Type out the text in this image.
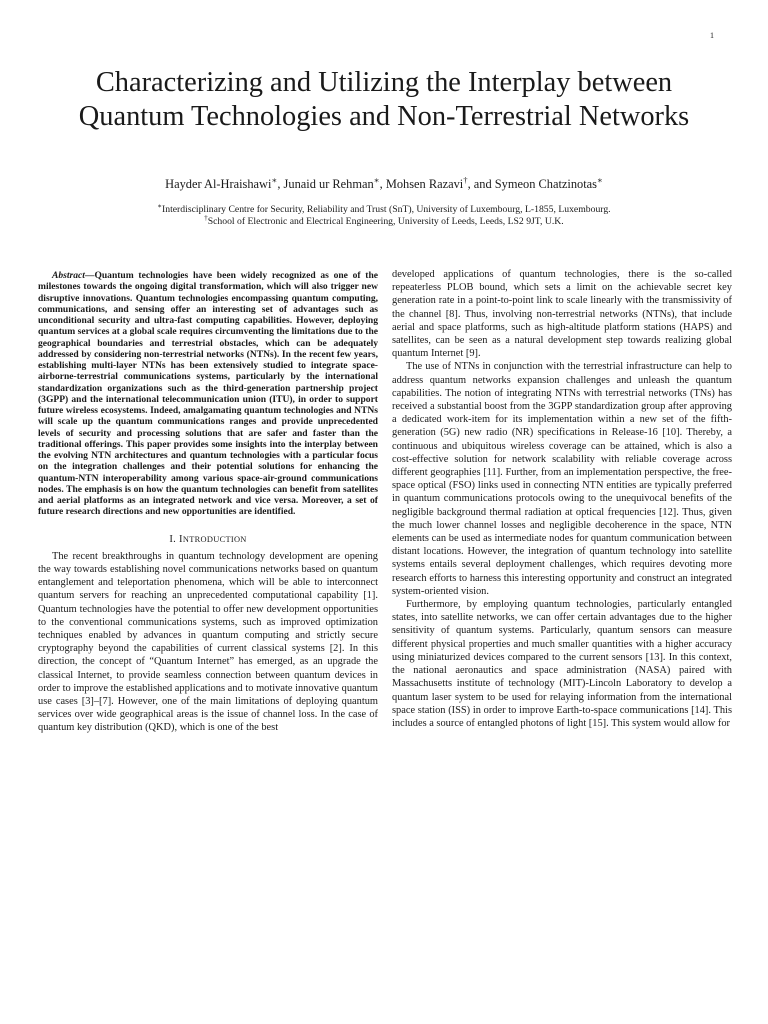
1
Characterizing and Utilizing the Interplay between Quantum Technologies and Non-Terrestrial Networks
Hayder Al-Hraishawi∗, Junaid ur Rehman∗, Mohsen Razavi†, and Symeon Chatzinotas∗
∗Interdisciplinary Centre for Security, Reliability and Trust (SnT), University of Luxembourg, L-1855, Luxembourg.
†School of Electronic and Electrical Engineering, University of Leeds, Leeds, LS2 9JT, U.K.

Abstract—Quantum technologies have been widely recognized as one of the milestones towards the ongoing digital transformation, which will also trigger new disruptive innovations. Quantum technologies encompassing quantum computing, communications, and sensing offer an interesting set of advantages such as unconditional security and ultra-fast computing capabilities. However, deploying quantum services at a global scale requires circumventing the limitations due to the geographical boundaries and terrestrial obstacles, which can be adequately addressed by considering non-terrestrial networks (NTNs). In the recent few years, establishing multi-layer NTNs has been extensively studied to integrate space-airborne-terrestrial communications systems, particularly by the international standardization organizations such as the third-generation partnership project (3GPP) and the international telecommunication union (ITU), in order to support future wireless ecosystems. Indeed, amalgamating quantum technologies and NTNs will scale up the quantum communications ranges and provide unprecedented levels of security and processing solutions that are safer and faster than the traditional offerings. This paper provides some insights into the interplay between the evolving NTN architectures and quantum technologies with a particular focus on the integration challenges and their potential solutions for enhancing the quantum-NTN interoperability among various space-air-ground communications nodes. The emphasis is on how the quantum technologies can benefit from satellites and aerial platforms as an integrated network and vice versa. Moreover, a set of future research directions and new opportunities are identified.

I. INTRODUCTION

The recent breakthroughs in quantum technology development are opening the way towards establishing novel communications networks based on quantum entanglement and teleportation phenomena, which will be able to interconnect quantum servers for reaching an unprecedented computational capability [1]. Quantum technologies have the potential to offer new development opportunities to the conventional communications systems, such as improved optimization techniques enabled by advances in quantum computing and strictly secure cryptography beyond the capabilities of current classical systems [2]. In this direction, the concept of “Quantum Internet” has emerged, as an upgrade the classical Internet, to provide seamless connection between quantum devices in order to improve the established applications and to motivate innovative quantum use cases [3]–[7]. However, one of the main limitations of deploying quantum services over wide geographical areas is the issue of channel loss. In the case of quantum key distribution (QKD), which is one of the best

developed applications of quantum technologies, there is the so-called repeaterless PLOB bound, which sets a limit on the achievable secret key generation rate in a point-to-point link to scale linearly with the transmissivity of the channel [8]. Thus, involving non-terrestrial networks (NTNs), that include aerial and space platforms, such as high-altitude platform stations (HAPS) and satellites, can be seen as a natural development step towards realizing global quantum Internet [9].

The use of NTNs in conjunction with the terrestrial infrastructure can help to address quantum networks expansion challenges and unleash the quantum capabilities. The notion of integrating NTNs with terrestrial networks (TNs) has received a substantial boost from the 3GPP standardization group after approving a dedicated work-item for its implementation within a new set of the fifth-generation (5G) new radio (NR) specifications in Release-16 [10]. Thereby, a continuous and ubiquitous wireless coverage can be attained, which is also a cost-effective solution for network scalability with reliable coverage across different geographies [11]. Further, from an implementation perspective, the free-space optical (FSO) links used in connecting NTN entities are typically preferred in quantum communications protocols owing to the unequivocal benefits of the negligible background thermal radiation at optical frequencies [12]. Thus, given the much lower channel losses and negligible decoherence in the space, NTN elements can be used as intermediate nodes for quantum communication between distant locations. However, the integration of quantum technology into satellite systems entails several deployment challenges, which requires devoting more research efforts to harness this interesting opportunity and construct an integrated system-oriented vision.

Furthermore, by employing quantum technologies, particularly entangled states, into satellite networks, we can offer certain advantages due to the higher sensitivity of quantum systems. Particularly, quantum sensors can measure different physical properties and much smaller quantities with a higher accuracy using miniaturized devices compared to the current sensors [13]. In this context, the national aeronautics and space administration (NASA) paired with Massachusetts institute of technology (MIT)-Lincoln Laboratory to develop a quantum laser system to be used for relaying information from the international space station (ISS) in order to improve Earth-to-space communications [14]. This includes a source of entangled photons of light [15]. This system would allow for
